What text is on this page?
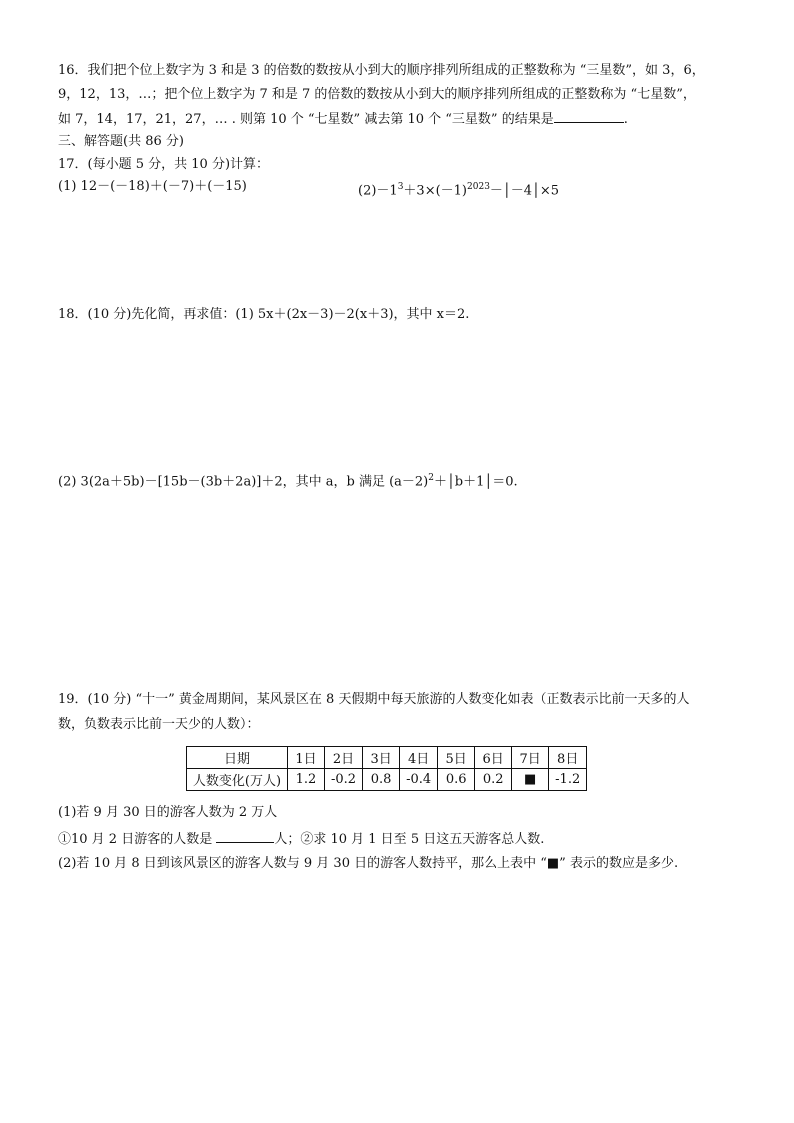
16．我们把个位上数字为 3 和是 3 的倍数的数按从小到大的顺序排列所组成的正整数称为 “三星数”，如 3，6，
9，12，13，…；把个位上数字为 7 和是 7 的倍数的数按从小到大的顺序排列所组成的正整数称为 “七星数”，
如 7，14，17，21，27，… . 则第 10 个 “七星数” 减去第 10 个 “三星数” 的结果是	.
三、解答题(共 86 分)
17．(每小题 5 分，共 10 分)计算：
(1) 12－(－18)＋(－7)＋(－15)	$(2)-1^3+3\times(-1)^{2023}-│-4│\times 5$
18．(10 分)先化简，再求值：(1) 5x＋(2x－3)－2(x＋3)，其中 x＝2.
(2) 3(2a＋5b)－[15b－(3b＋2a)]＋2，其中 a，b 满足 $(a-2)^2+│b+1│=0$.
19．(10 分) “十一” 黄金周期间，某风景区在 8 天假期中每天旅游的人数变化如表（正数表示比前一天多的人
数，负数表示比前一天少的人数）：
日期	1日	2日	3日	4日	5日	6日	7日	8日
人数变化(万人)	1.2	-0.2	0.8	-0.4	0.6	0.2	■	-1.2
(1)若 9 月 30 日的游客人数为 2 万人
①10 月 2 日游客的人数是	人；②求 10 月 1 日至 5 日这五天游客总人数.
(2)若 10 月 8 日到该风景区的游客人数与 9 月 30 日的游客人数持平，那么上表中 “■” 表示的数应是多少.
